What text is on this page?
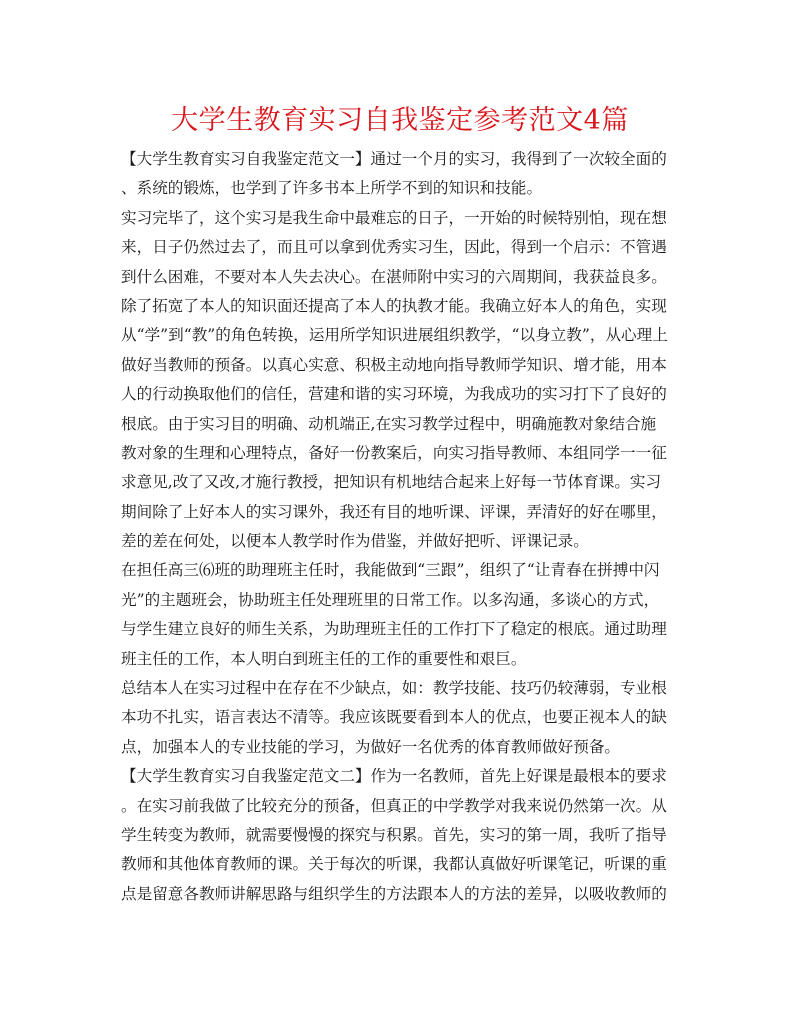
大学生教育实习自我鉴定参考范文4篇
【大学生教育实习自我鉴定范文一】通过一个月的实习，我得到了一次较全面的
、系统的锻炼，也学到了许多书本上所学不到的知识和技能。
实习完毕了，这个实习是我生命中最难忘的日子，一开始的时候特别怕，现在想
来，日子仍然过去了，而且可以拿到优秀实习生，因此，得到一个启示：不管遇
到什么困难，不要对本人失去决心。在湛师附中实习的六周期间，我获益良多。
除了拓宽了本人的知识面还提高了本人的执教才能。我确立好本人的角色，实现
从“学”到“教”的角色转换，运用所学知识进展组织教学，“以身立教”，从心理上
做好当教师的预备。以真心实意、积极主动地向指导教师学知识、增才能，用本
人的行动换取他们的信任，营建和谐的实习环境，为我成功的实习打下了良好的
根底。由于实习目的明确、动机端正,在实习教学过程中，明确施教对象结合施
教对象的生理和心理特点，备好一份教案后，向实习指导教师、本组同学一一征
求意见,改了又改,才施行教授，把知识有机地结合起来上好每一节体育课。实习
期间除了上好本人的实习课外，我还有目的地听课、评课，弄清好的好在哪里，
差的差在何处，以便本人教学时作为借鉴，并做好把听、评课记录。
在担任高三⑹班的助理班主任时，我能做到“三跟”，组织了“让青春在拼搏中闪
光”的主题班会，协助班主任处理班里的日常工作。以多沟通，多谈心的方式，
与学生建立良好的师生关系，为助理班主任的工作打下了稳定的根底。通过助理
班主任的工作，本人明白到班主任的工作的重要性和艰巨。
总结本人在实习过程中在存在不少缺点，如：教学技能、技巧仍较薄弱，专业根
本功不扎实，语言表达不清等。我应该既要看到本人的优点，也要正视本人的缺
点，加强本人的专业技能的学习，为做好一名优秀的体育教师做好预备。
【大学生教育实习自我鉴定范文二】作为一名教师，首先上好课是最根本的要求
。在实习前我做了比较充分的预备，但真正的中学教学对我来说仍然第一次。从
学生转变为教师，就需要慢慢的探究与积累。首先，实习的第一周，我听了指导
教师和其他体育教师的课。关于每次的听课，我都认真做好听课笔记，听课的重
点是留意各教师讲解思路与组织学生的方法跟本人的方法的差异，以吸收教师的
